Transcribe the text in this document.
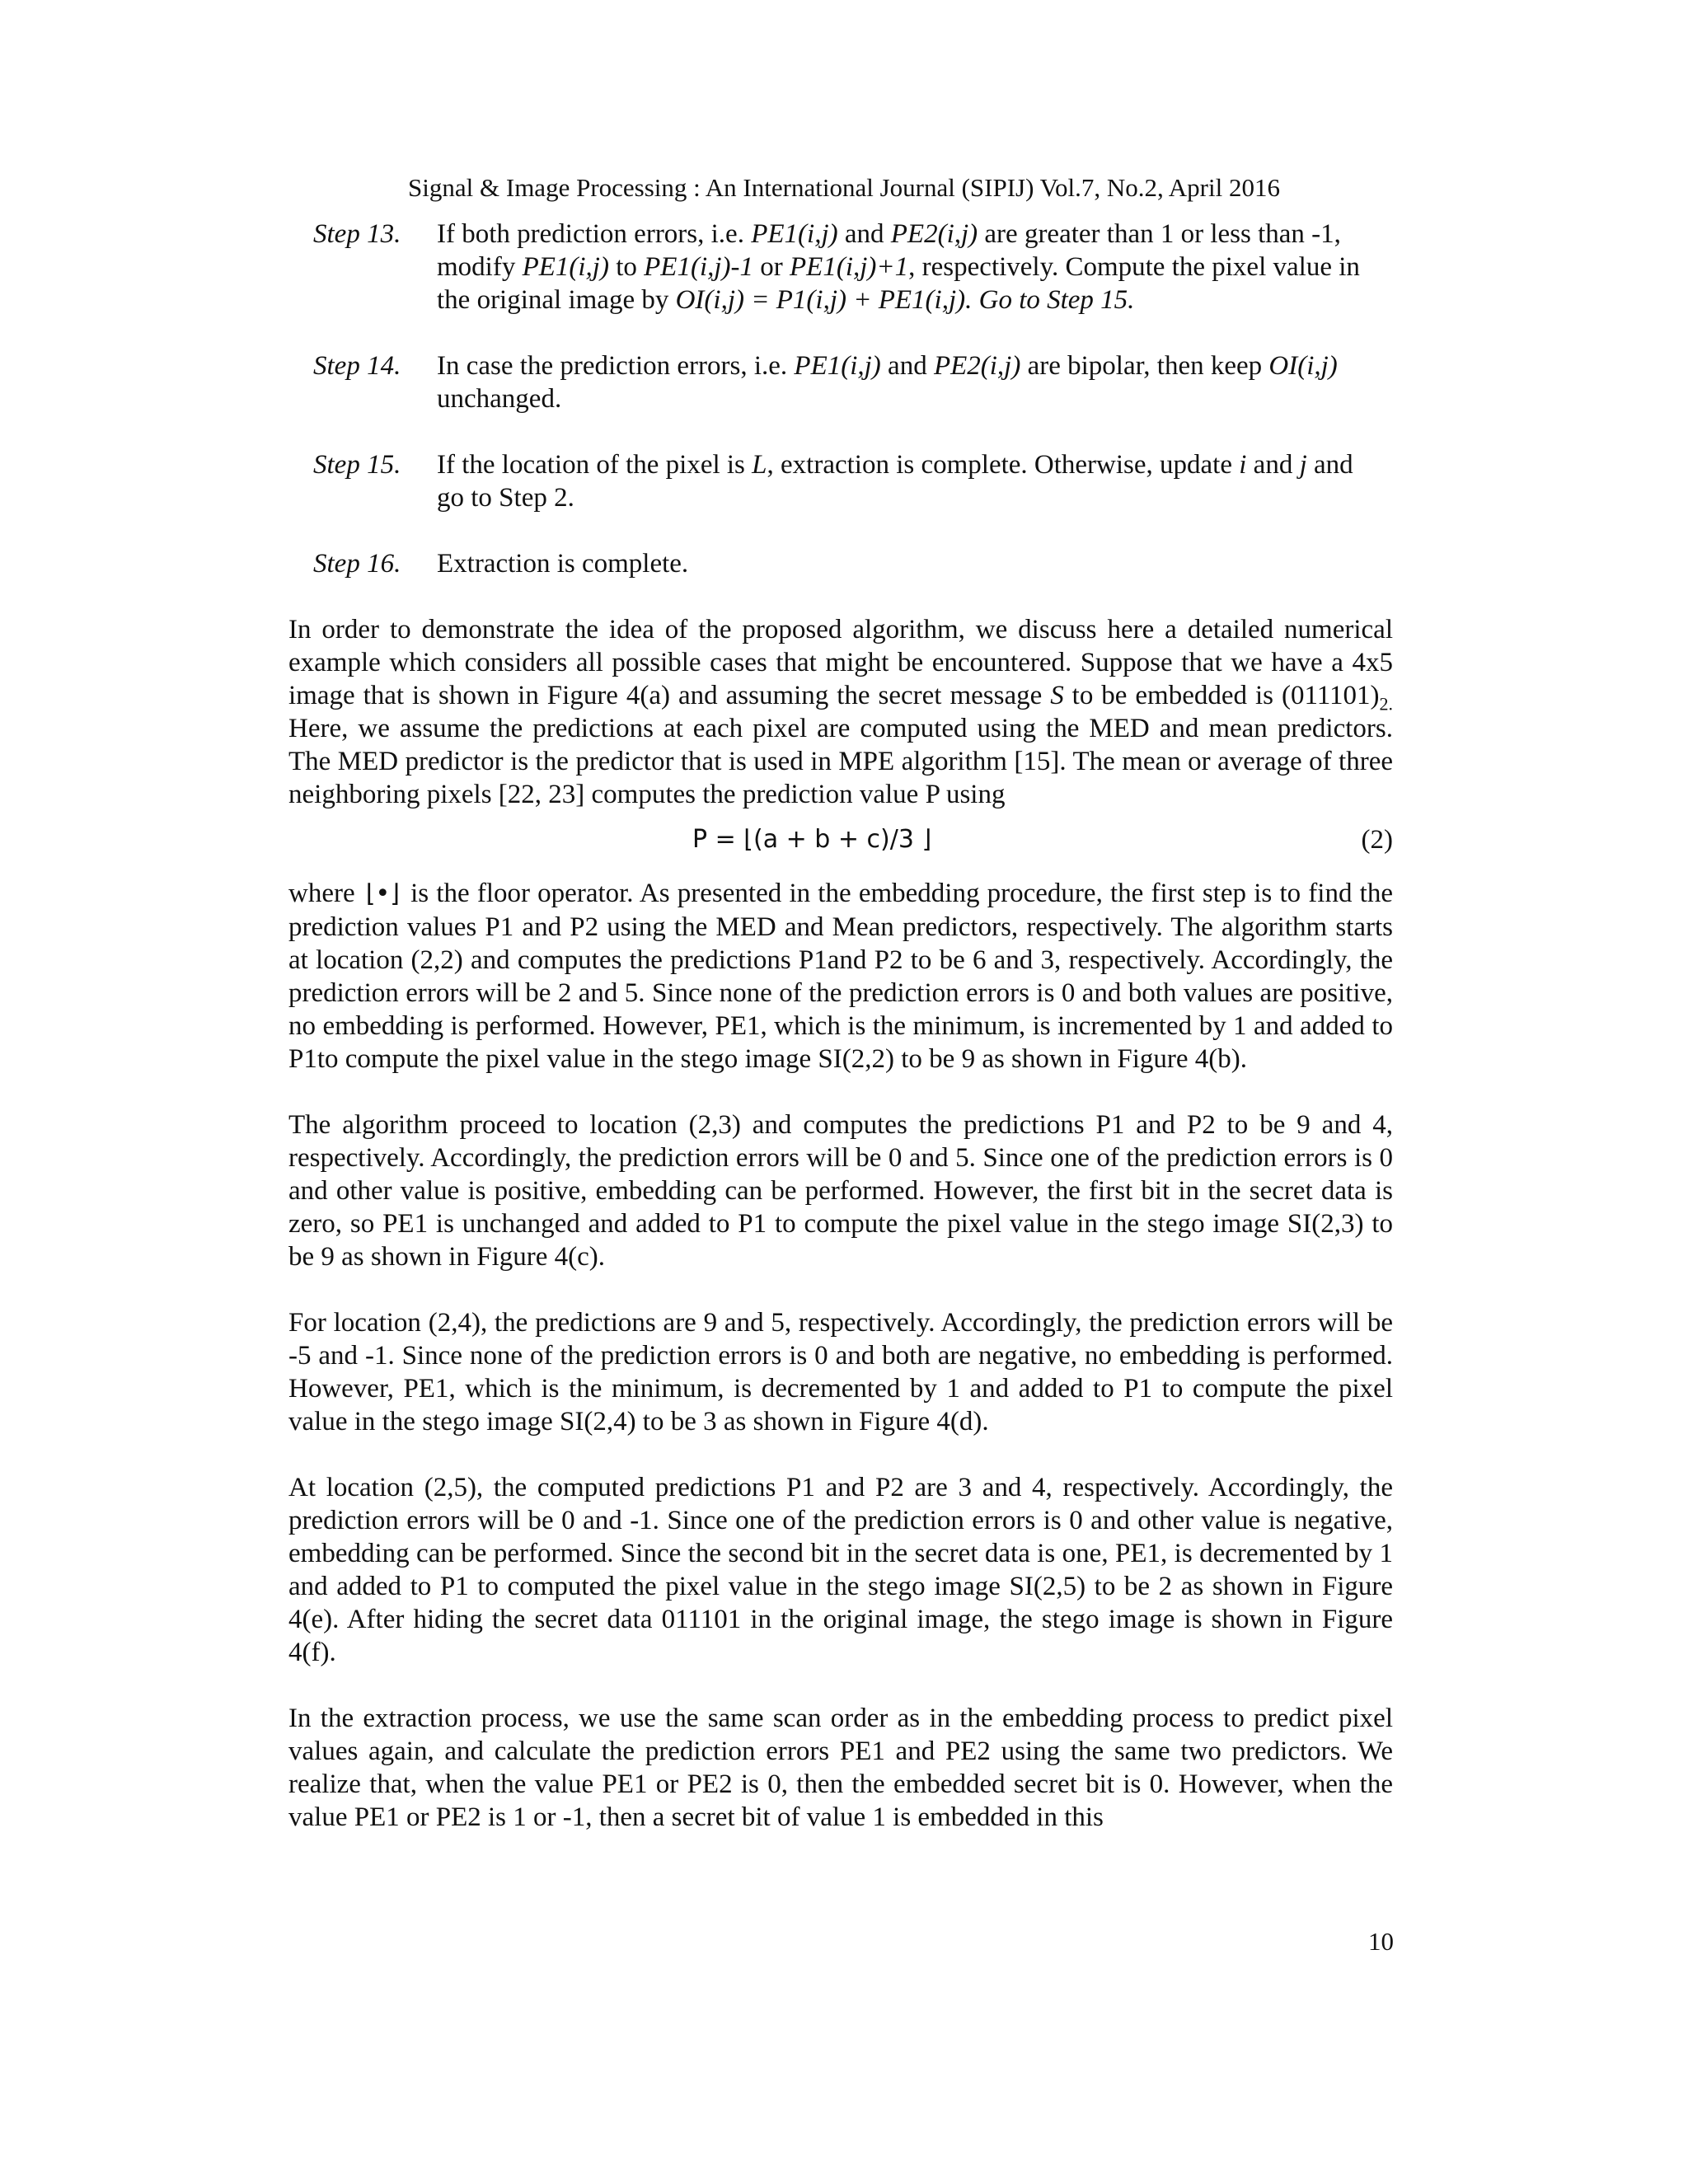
Signal & Image Processing : An International Journal (SIPIJ) Vol.7, No.2, April 2016
Step 13.	If both prediction errors, i.e. PE1(i,j) and PE2(i,j) are greater than 1 or less than -1, modify PE1(i,j) to PE1(i,j)-1 or PE1(i,j)+1, respectively. Compute the pixel value in the original image by OI(i,j) = P1(i,j) + PE1(i,j). Go to Step 15.
Step 14.	In case the prediction errors, i.e. PE1(i,j) and PE2(i,j) are bipolar, then keep OI(i,j) unchanged.
Step 15.	If the location of the pixel is L, extraction is complete. Otherwise, update i and j and go to Step 2.
Step 16.	Extraction is complete.

In order to demonstrate the idea of the proposed algorithm, we discuss here a detailed numerical example which considers all possible cases that might be encountered. Suppose that we have a 4x5 image that is shown in Figure 4(a) and assuming the secret message S to be embedded is $(011101)_{2.}$ Here, we assume the predictions at each pixel are computed using the MED and mean predictors. The MED predictor is the predictor that is used in MPE algorithm [15]. The mean or average of three neighboring pixels [22, 23] computes the prediction value P using

P = ⌊(a + b + c)/3 ⌋	(2)

where ⌊•⌋ is the floor operator. As presented in the embedding procedure, the first step is to find the prediction values P1 and P2 using the MED and Mean predictors, respectively. The algorithm starts at location (2,2) and computes the predictions P1and P2 to be 6 and 3, respectively. Accordingly, the prediction errors will be 2 and 5. Since none of the prediction errors is 0 and both values are positive, no embedding is performed. However, PE1, which is the minimum, is incremented by 1 and added to P1to compute the pixel value in the stego image SI(2,2) to be 9 as shown in Figure 4(b).

The algorithm proceed to location (2,3) and computes the predictions P1 and P2 to be 9 and 4, respectively. Accordingly, the prediction errors will be 0 and 5. Since one of the prediction errors is 0 and other value is positive, embedding can be performed. However, the first bit in the secret data is zero, so PE1 is unchanged and added to P1 to compute the pixel value in the stego image SI(2,3) to be 9 as shown in Figure 4(c).

For location (2,4), the predictions are 9 and 5, respectively. Accordingly, the prediction errors will be -5 and -1. Since none of the prediction errors is 0 and both are negative, no embedding is performed. However, PE1, which is the minimum, is decremented by 1 and added to P1 to compute the pixel value in the stego image SI(2,4) to be 3 as shown in Figure 4(d).

At location (2,5), the computed predictions P1 and P2 are 3 and 4, respectively. Accordingly, the prediction errors will be 0 and -1. Since one of the prediction errors is 0 and other value is negative, embedding can be performed. Since the second bit in the secret data is one, PE1, is decremented by 1 and added to P1 to computed the pixel value in the stego image SI(2,5) to be 2 as shown in Figure 4(e). After hiding the secret data 011101 in the original image, the stego image is shown in Figure 4(f).

In the extraction process, we use the same scan order as in the embedding process to predict pixel values again, and calculate the prediction errors PE1 and PE2 using the same two predictors. We realize that, when the value PE1 or PE2 is 0, then the embedded secret bit is 0. However, when the value PE1 or PE2 is 1 or -1, then a secret bit of value 1 is embedded in this

10
